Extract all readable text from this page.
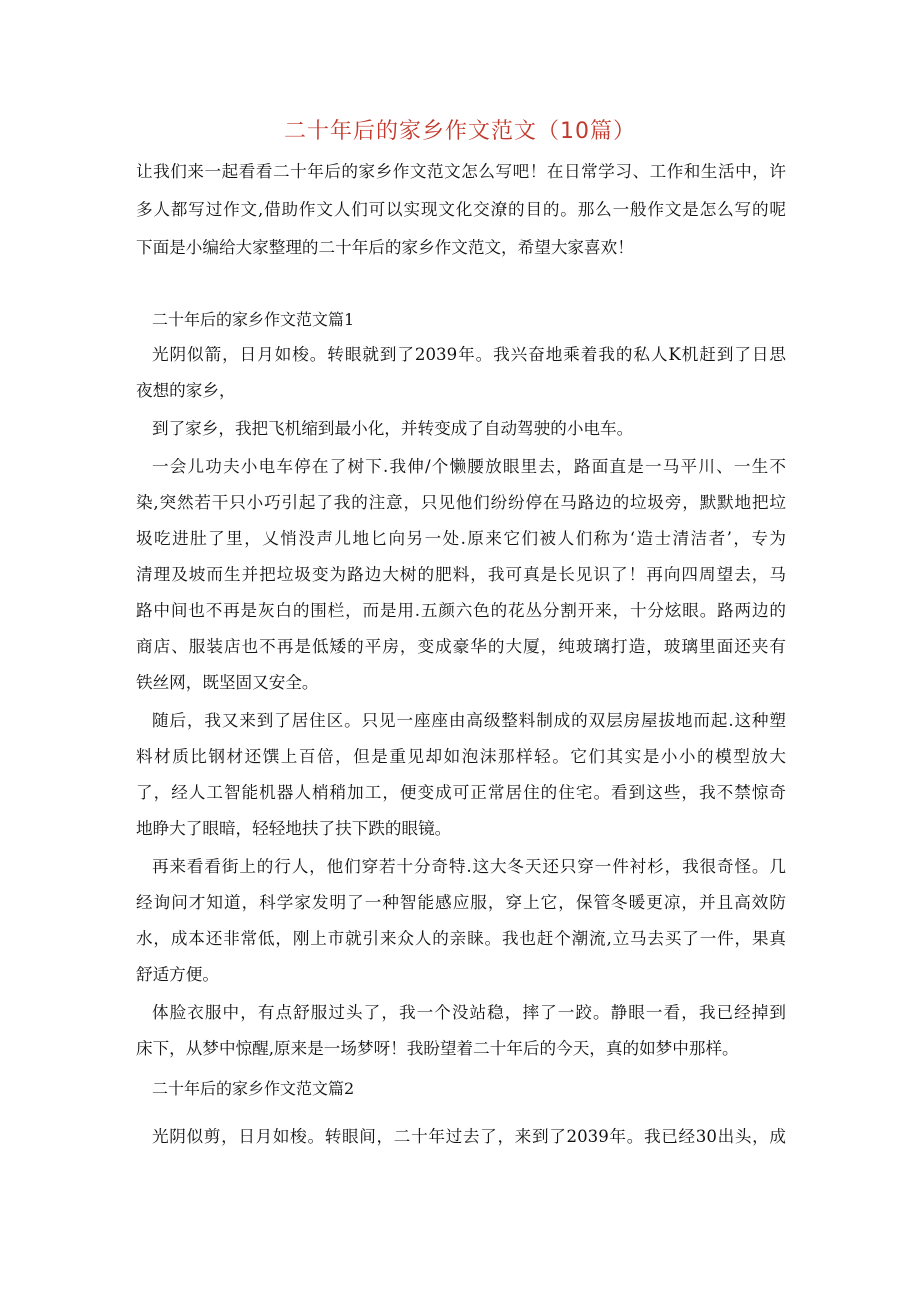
二十年后的家乡作文范文（10篇）
让我们来一起看看二十年后的家乡作文范文怎么写吧！在日常学习、工作和生活中，许
多人都写过作文,借助作文人们可以实现文化交潦的目的。那么一般作文是怎么写的呢
下面是小编给大家整理的二十年后的家乡作文范文，希望大家喜欢！
二十年后的家乡作文范文篇1
光阴似箭，日月如梭。转眼就到了2039年。我兴奋地乘着我的私人K机赶到了日思
夜想的家乡，
到了家乡，我把飞机缩到最小化，并转变成了自动驾驶的小电车。
一会儿功夫小电车停在了树下.我伸/个懒腰放眼里去，路面直是一马平川、一生不
染,突然若干只小巧引起了我的注意，只见他们纷纷停在马路边的垃圾旁，默默地把垃
圾吃进肚了里，乂悄没声儿地匕向另一处.原来它们被人们称为‘造士清洁者’，专为
清理及坡而生并把垃圾变为路边大树的肥料，我可真是长见识了！再向四周望去，马
路中间也不再是灰白的围栏，而是用.五颜六色的花丛分割开来，十分炫眼。路两边的
商店、服装店也不再是低矮的平房，变成豪华的大厦，纯玻璃打造，玻璃里面还夹有
铁丝网，既坚固又安全。
随后，我又来到了居住区。只见一座座由高级整料制成的双层房屋拔地而起.这种塑
料材质比钢材还馔上百倍，但是重见却如泡沫那样轻。它们其实是小小的模型放大
了，经人工智能机器人梢稍加工，便变成可正常居住的住宅。看到这些，我不禁惊奇
地睁大了眼暗，轻轻地扶了扶下跌的眼镜。
再来看看街上的行人，他们穿若十分奇特.这大冬天还只穿一件衬杉，我很奇怪。几
经询问才知道，科学家发明了一种智能感应服，穿上它，保管冬暖更凉，并且高效防
水，成本还非常低，刚上市就引来众人的亲睐。我也赶个潮流,立马去买了一件，果真
舒适方便。
体脸衣服中，有点舒服过头了，我一个没站稳，摔了一跤。静眼一看，我已经掉到
床下，从梦中惊醒,原来是一场梦呀！我盼望着二十年后的今天，真的如梦中那样。
二十年后的家乡作文范文篇2
光阴似剪，日月如梭。转眼间，二十年过去了，来到了2039年。我已经30出头，成
